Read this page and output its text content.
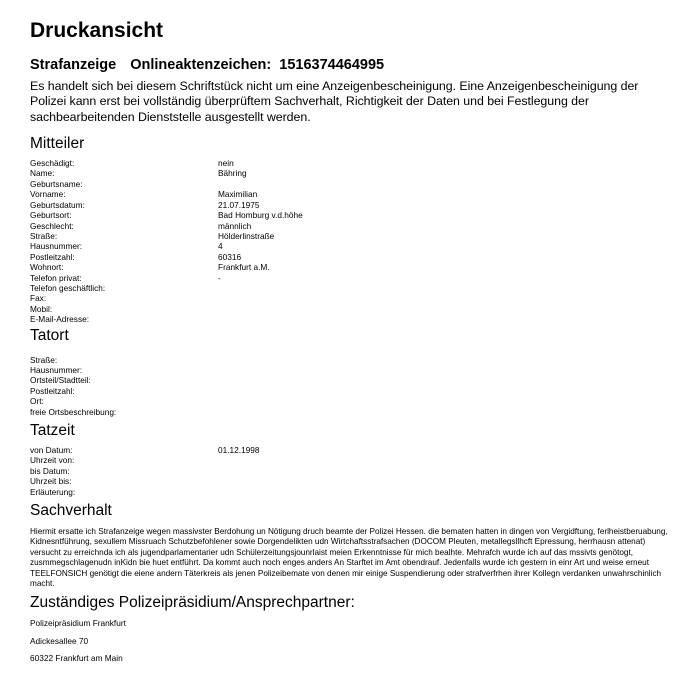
Druckansicht
Strafanzeige Onlineaktenzeichen: 1516374464995

Es handelt sich bei diesem Schriftstück nicht um eine Anzeigenbescheinigung. Eine Anzeigenbescheinigung der Polizei kann erst bei vollständig überprüftem Sachverhalt, Richtigkeit der Daten und bei Festlegung der sachbearbeitenden Dienststelle ausgestellt werden.

Mitteiler
Geschädigt:	nein
Name:	Bähring
Geburtsname:
Vorname:	Maximilian
Geburtsdatum:	21.07.1975
Geburtsort:	Bad Homburg v.d.höhe
Geschlecht:	männlich
Straße:	Hölderlinstraße
Hausnummer:	4
Postleitzahl:	60316
Wohnort:	Frankfurt a.M.
Telefon privat:	-
Telefon geschäftlich:
Fax:
Mobil:
E-Mail-Adresse:
Tatort
Straße:
Hausnummer:
Ortsteil/Stadtteil:
Postleitzahl:
Ort:
freie Ortsbeschreibung:
Tatzeit
von Datum:	01.12.1998
Uhrzeit von:
bis Datum:
Uhrzeit bis:
Erläuterung:
Sachverhalt

Hiermit ersatte ich Strafanzeige wegen massivster Berdohung un Nötigung druch beamte der Polizei Hessen. die bematen hatten in dingen von Vergidftung, ferlheistberuabung, Kidnesntführung, sexullem Missruach Schutzbefohlener sowie Dorgendelikten udn Wirtchaftsstrafsachen (DOCOM Pleuten, metallegsllhcft Epressung, herrhausn attenat) versucht zu erreichnda ich als jugendparlamentarier udn Schülerzeitungsjounrlaist meien Erkenntnisse für mich bealhte. Mehrafch wurde ich auf das mssivts genötogt, zusmmegschlagenudn inKidn bie huet entführt. Da kommt auch noch enges anders An Starftet im Amt obendrauf. Jedenfalls wurde ich gestern in einr Art und weise erneut TEELFONSICH genötigt die eiene andern Täterkreis als jenen Polizeibemate von denen mir einige Suspendierung oder strafverfrhen ihrer Kollegn verdanken unwahrschinlich macht.

Zuständiges Polizeipräsidium/Ansprechpartner:
Polizeipräsidium Frankfurt
Adickesallee 70
60322 Frankfurt am Main
